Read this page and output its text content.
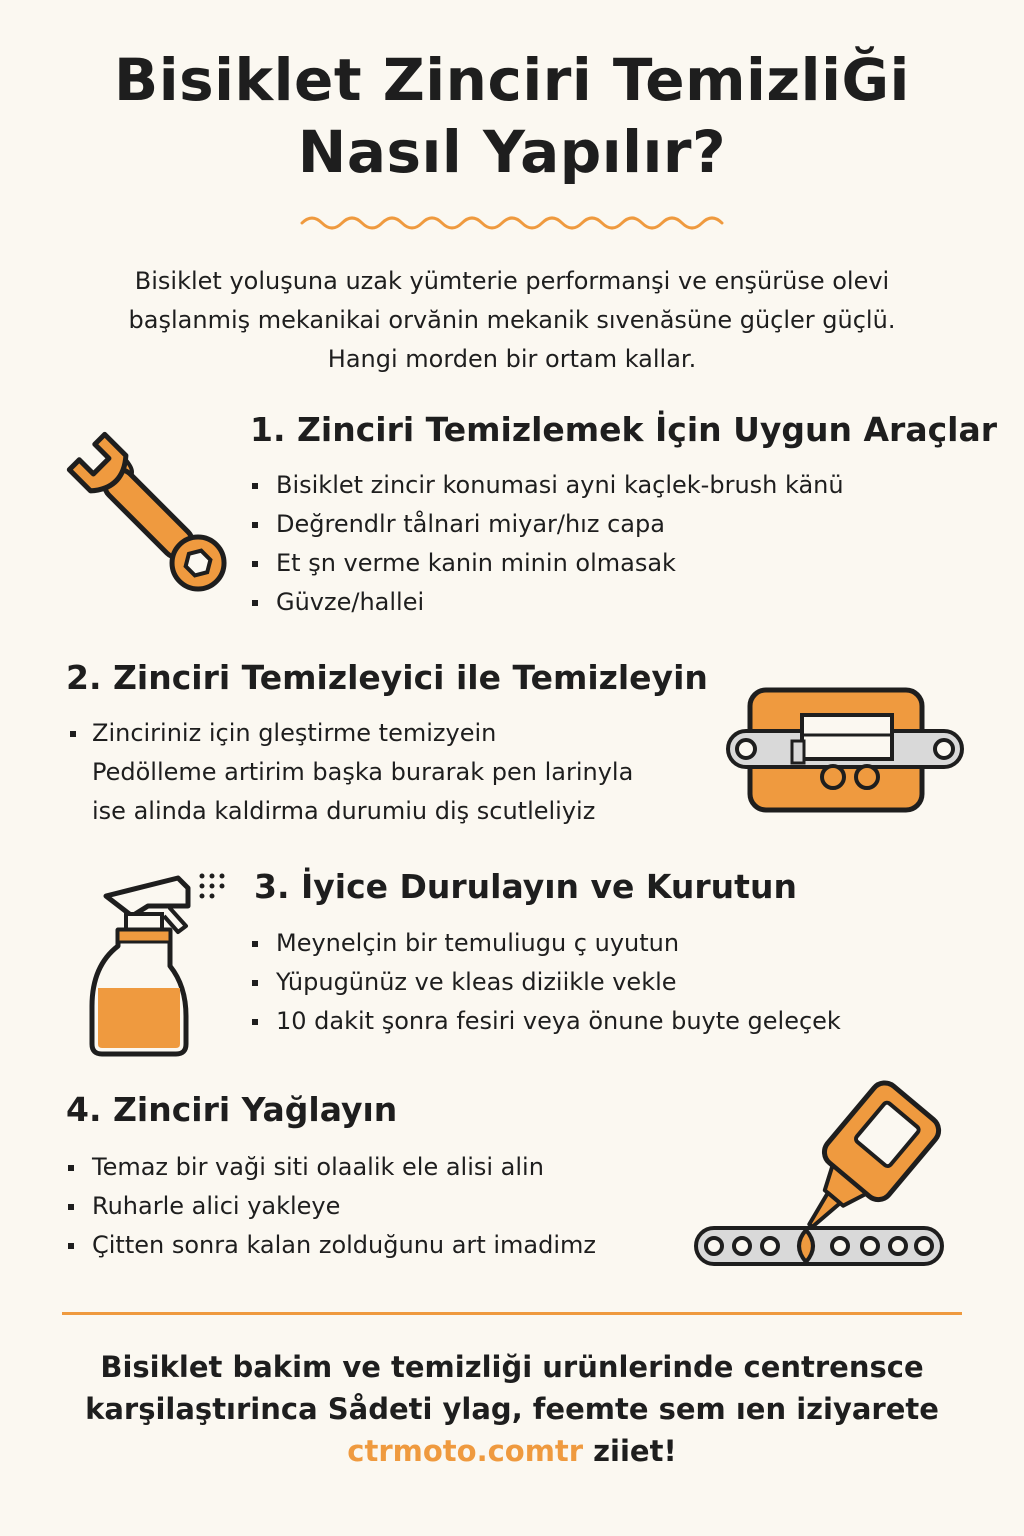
Bisiklet Zinciri TemizliĞi
Nasıl Yapılır?
Bisiklet yoluşuna uzak yümterie performanşi ve enşürüse olevi
başlanmiş mekanikai orvănin mekanik sıvenăsüne güçler güçlü.
Hangi morden bir ortam kallar.
1. Zinciri Temizlemek İçin Uygun Araçlar
Bisiklet zincir konumasi ayni kaçlek-brush känü
Değrendlr tålnari miyar/hız capa
Et şn verme kanin minin olmasak
Güvze/hallei
2. Zinciri Temizleyici ile Temizleyin
Zinciriniz için gleştirme temizyein
Pedölleme artirim başka burarak pen larinyla
ise alinda kaldirma durumiu diş scutleliyiz
3. İyice Durulayın ve Kurutun
Meynelçin bir temuliugu ç uyutun
Yüpugünüz ve kleas diziikle vekle
10 dakit şonra fesiri veya önune buyte geleçek
4. Zinciri Yağlayın
Temaz bir vaği siti olaalik ele alisi alin
Ruharle alici yakleye
Çitten sonra kalan zolduğunu art imadimz
Bisiklet bakim ve temizliği urünlerinde centrensce
karşilaştırinca Sådeti ylag, feemte sem ıen iziyarete
ctrmoto.comtr ziiet!
